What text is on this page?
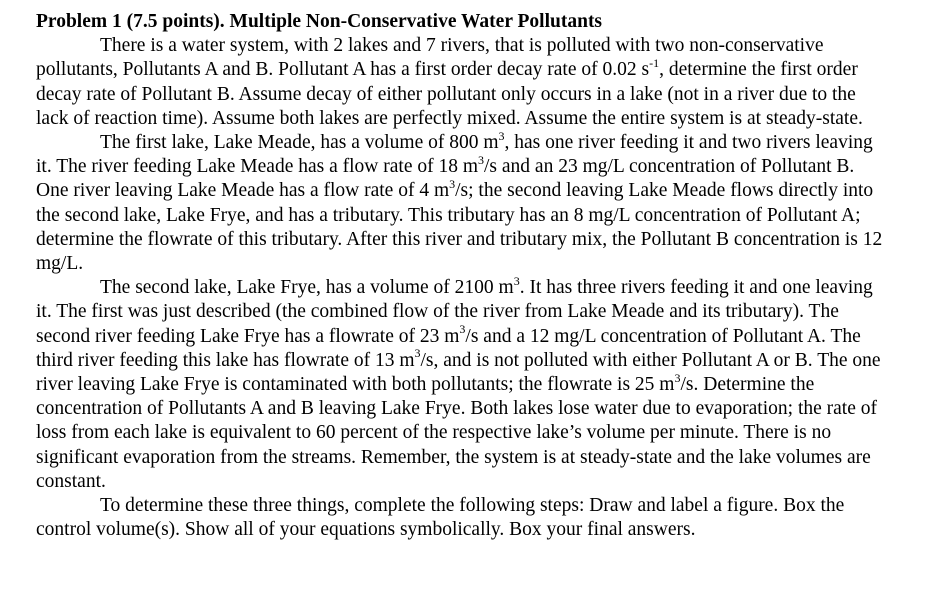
Problem 1 (7.5 points). Multiple Non-Conservative Water Pollutants

There is a water system, with 2 lakes and 7 rivers, that is polluted with two non-conservative pollutants, Pollutants A and B. Pollutant A has a first order decay rate of 0.02 $s^{-1}$, determine the first order decay rate of Pollutant B. Assume decay of either pollutant only occurs in a lake (not in a river due to the lack of reaction time). Assume both lakes are perfectly mixed. Assume the entire system is at steady-state.

The first lake, Lake Meade, has a volume of 800 $m^3$, has one river feeding it and two rivers leaving it. The river feeding Lake Meade has a flow rate of 18 $m^3/s$ and an 23 mg/L concentration of Pollutant B. One river leaving Lake Meade has a flow rate of 4 $m^3/s$; the second leaving Lake Meade flows directly into the second lake, Lake Frye, and has a tributary. This tributary has an 8 mg/L concentration of Pollutant A; determine the flowrate of this tributary. After this river and tributary mix, the Pollutant B concentration is 12 mg/L.

The second lake, Lake Frye, has a volume of 2100 $m^3$. It has three rivers feeding it and one leaving it. The first was just described (the combined flow of the river from Lake Meade and its tributary). The second river feeding Lake Frye has a flowrate of 23 $m^3/s$ and a 12 mg/L concentration of Pollutant A. The third river feeding this lake has flowrate of 13 $m^3/s$, and is not polluted with either Pollutant A or B. The one river leaving Lake Frye is contaminated with both pollutants; the flowrate is 25 $m^3/s$. Determine the concentration of Pollutants A and B leaving Lake Frye. Both lakes lose water due to evaporation; the rate of loss from each lake is equivalent to 60 percent of the respective lake’s volume per minute. There is no significant evaporation from the streams. Remember, the system is at steady-state and the lake volumes are constant.

To determine these three things, complete the following steps: Draw and label a figure. Box the control volume(s). Show all of your equations symbolically. Box your final answers.
